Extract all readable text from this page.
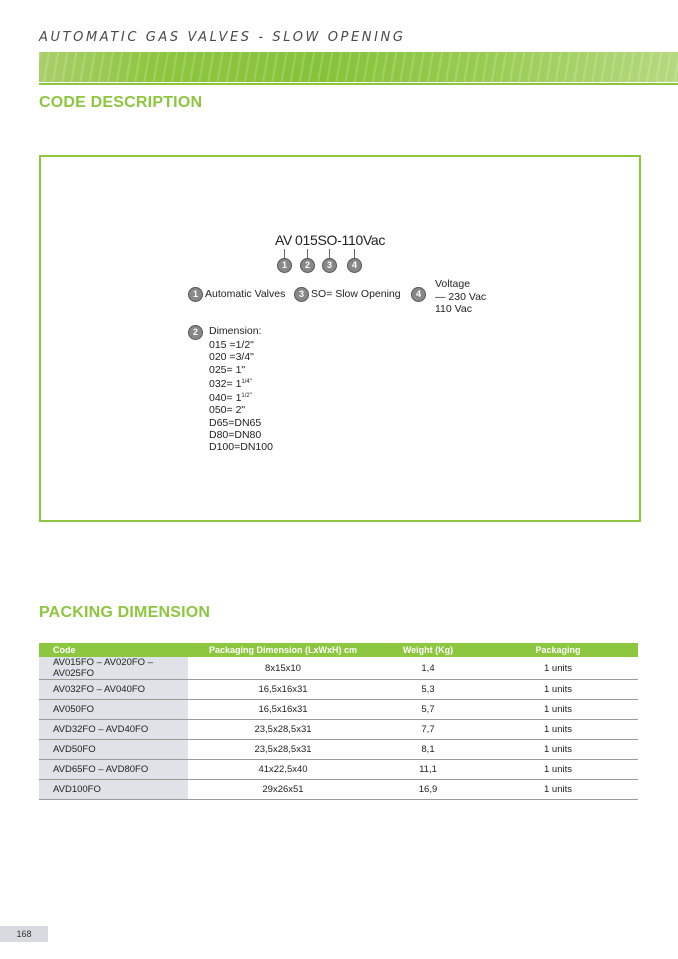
AUTOMATIC GAS VALVES - SLOW OPENING
CODE DESCRIPTION
AV 015SO-110Vac
1	2	3	4
1 Automatic Valves	3 SO= Slow Opening	4
Voltage
— 230 Vac
110 Vac
2	Dimension:
015 =1/2"
020 =3/4"
025= 1"
$032= 1^{1/4"}$
$040= 1^{1/2"}$
050= 2"
D65=DN65
D80=DN80
D100=DN100
PACKING DIMENSION
Code	Packaging Dimension (LxWxH) cm	Weight (Kg)	Packaging
AV015FO – AV020FO – AV025FO	8x15x10	1,4	1 units
AV032FO – AV040FO	16,5x16x31	5,3	1 units
AV050FO	16,5x16x31	5,7	1 units
AVD32FO – AVD40FO	23,5x28,5x31	7,7	1 units
AVD50FO	23,5x28,5x31	8,1	1 units
AVD65FO – AVD80FO	41x22,5x40	11,1	1 units
AVD100FO	29x26x51	16,9	1 units
168
